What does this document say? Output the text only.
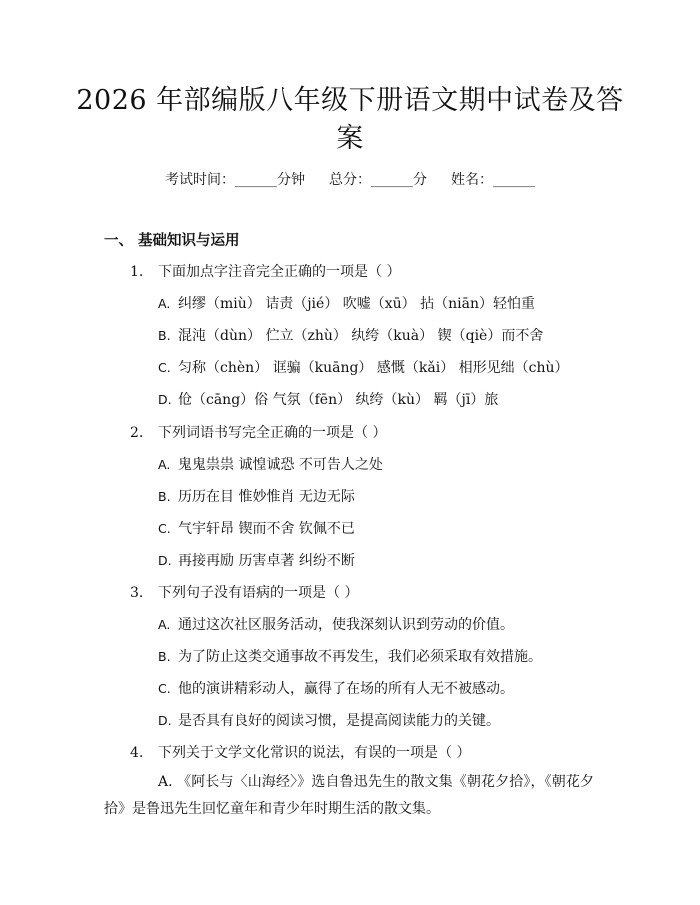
2026 年部编版八年级下册语文期中试卷及答
案
考试时间：______分钟 总分：______分 姓名：______
一、 基础知识与运用
1. 下面加点字注音完全正确的一项是（ ）
A. 纠缪（miù） 诘责（jié） 吹嘘（xū） 拈（niān）轻怕重
B. 混沌（dùn） 伫立（zhù） 纨绔（kuà） 锲（qiè）而不舍
C. 匀称（chèn） 诓骗（kuāng） 感慨（kǎi） 相形见绌（chù）
D. 伧（cāng）俗 气氛（fēn） 纨绔（kù） 羁（jī）旅
2. 下列词语书写完全正确的一项是（ ）
A. 鬼鬼祟祟 诚惶诚恐 不可告人之处
B. 历历在目 惟妙惟肖 无边无际
C. 气宇轩昂 锲而不舍 钦佩不已
D. 再接再励 历害卓著 纠纷不断
3. 下列句子没有语病的一项是（ ）
A. 通过这次社区服务活动，使我深刻认识到劳动的价值。
B. 为了防止这类交通事故不再发生，我们必须采取有效措施。
C. 他的演讲精彩动人，赢得了在场的所有人无不被感动。
D. 是否具有良好的阅读习惯，是提高阅读能力的关键。
4. 下列关于文学文化常识的说法，有误的一项是（ ）
A. 《阿长与〈山海经〉》选自鲁迅先生的散文集《朝花夕拾》，《朝花夕拾》是鲁迅先生回忆童年和青少年时期生活的散文集。
